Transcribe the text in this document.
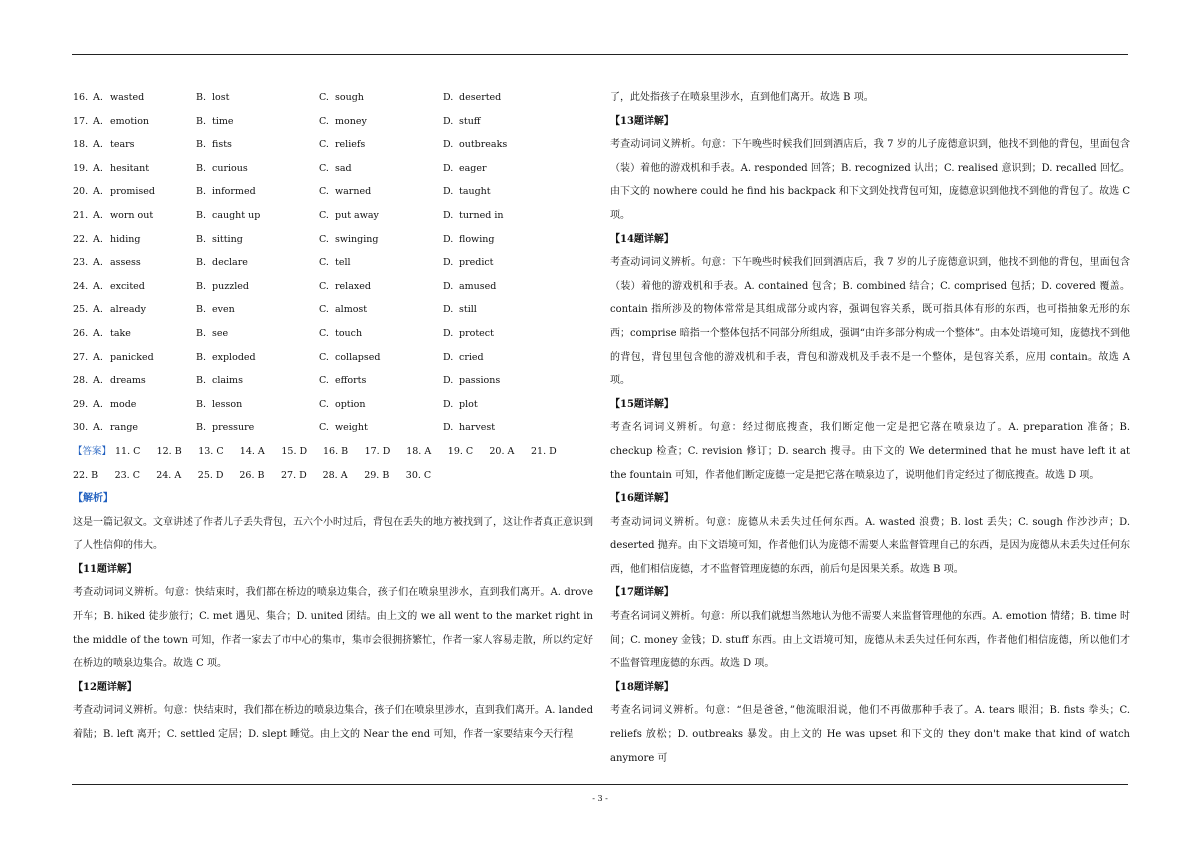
16. A. wasted	B. lost	C. sough	D. deserted
17. A. emotion	B. time	C. money	D. stuff
18. A. tears	B. fists	C. reliefs	D. outbreaks
19. A. hesitant	B. curious	C. sad	D. eager
20. A. promised	B. informed	C. warned	D. taught
21. A. worn out	B. caught up	C. put away	D. turned in
22. A. hiding	B. sitting	C. swinging	D. flowing
23. A. assess	B. declare	C. tell	D. predict
24. A. excited	B. puzzled	C. relaxed	D. amused
25. A. already	B. even	C. almost	D. still
26. A. take	B. see	C. touch	D. protect
27. A. panicked	B. exploded	C. collapsed	D. cried
28. A. dreams	B. claims	C. efforts	D. passions
29. A. mode	B. lesson	C. option	D. plot
30. A. range	B. pressure	C. weight	D. harvest
【答案】 11. C 12. B 13. C 14. A 15. D 16. B 17. D 18. A 19. C 20. A 21. D
22. B 23. C 24. A 25. D 26. B 27. D 28. A 29. B 30. C
【解析】
这是一篇记叙文。文章讲述了作者儿子丢失背包，五六个小时过后，背包在丢失的地方被找到了，这让作者真正意识到了人性信仰的伟大。
【11题详解】
考查动词词义辨析。句意：快结束时，我们都在桥边的喷泉边集合，孩子们在喷泉里涉水，直到我们离开。A. drove 开车；B. hiked 徒步旅行；C. met 遇见、集合；D. united 团结。由上文的 we all went to the market right in the middle of the town 可知，作者一家去了市中心的集市，集市会很拥挤繁忙，作者一家人容易走散，所以约定好在桥边的喷泉边集合。故选 C 项。
【12题详解】
考查动词词义辨析。句意：快结束时，我们都在桥边的喷泉边集合，孩子们在喷泉里涉水，直到我们离开。A. landed 着陆；B. left 离开；C. settled 定居；D. slept 睡觉。由上文的 Near the end 可知，作者一家要结束今天行程
了，此处指孩子在喷泉里涉水，直到他们离开。故选 B 项。
【13题详解】
考查动词词义辨析。句意：下午晚些时候我们回到酒店后，我 7 岁的儿子庞德意识到，他找不到他的背包，里面包含（装）着他的游戏机和手表。A. responded 回答；B. recognized 认出；C. realised 意识到；D. recalled 回忆。由下文的 nowhere could he find his backpack 和下文到处找背包可知，庞德意识到他找不到他的背包了。故选 C 项。
【14题详解】
考查动词词义辨析。句意：下午晚些时候我们回到酒店后，我 7 岁的儿子庞德意识到，他找不到他的背包，里面包含（装）着他的游戏机和手表。A. contained 包含；B. combined 结合；C. comprised 包括；D. covered 覆盖。contain 指所涉及的物体常常是其组成部分或内容，强调包容关系，既可指具体有形的东西，也可指抽象无形的东西；comprise 暗指一个整体包括不同部分所组成，强调“由许多部分构成一个整体”。由本处语境可知，庞德找不到他的背包，背包里包含他的游戏机和手表，背包和游戏机及手表不是一个整体，是包容关系，应用 contain。故选 A 项。
【15题详解】
考查名词词义辨析。句意：经过彻底搜查，我们断定他一定是把它落在喷泉边了。A. preparation 准备；B. checkup 检查；C. revision 修订；D. search 搜寻。由下文的 We determined that he must have left it at the fountain 可知，作者他们断定庞德一定是把它落在喷泉边了，说明他们肯定经过了彻底搜查。故选 D 项。
【16题详解】
考查动词词义辨析。句意：庞德从未丢失过任何东西。A. wasted 浪费；B. lost 丢失；C. sough 作沙沙声；D. deserted 抛弃。由下文语境可知，作者他们认为庞德不需要人来监督管理自己的东西，是因为庞德从未丢失过任何东西，他们相信庞德，才不监督管理庞德的东西，前后句是因果关系。故选 B 项。
【17题详解】
考查名词词义辨析。句意：所以我们就想当然地认为他不需要人来监督管理他的东西。A. emotion 情绪；B. time 时间；C. money 金钱；D. stuff 东西。由上文语境可知，庞德从未丢失过任何东西，作者他们相信庞德，所以他们才不监督管理庞德的东西。故选 D 项。
【18题详解】
考查名词词义辨析。句意：“但是爸爸，”他流眼泪说，他们不再做那种手表了。A. tears 眼泪；B. fists 拳头；C. reliefs 放松；D. outbreaks 暴发。由上文的 He was upset 和下文的 they don't make that kind of watch anymore 可
- 3 -
